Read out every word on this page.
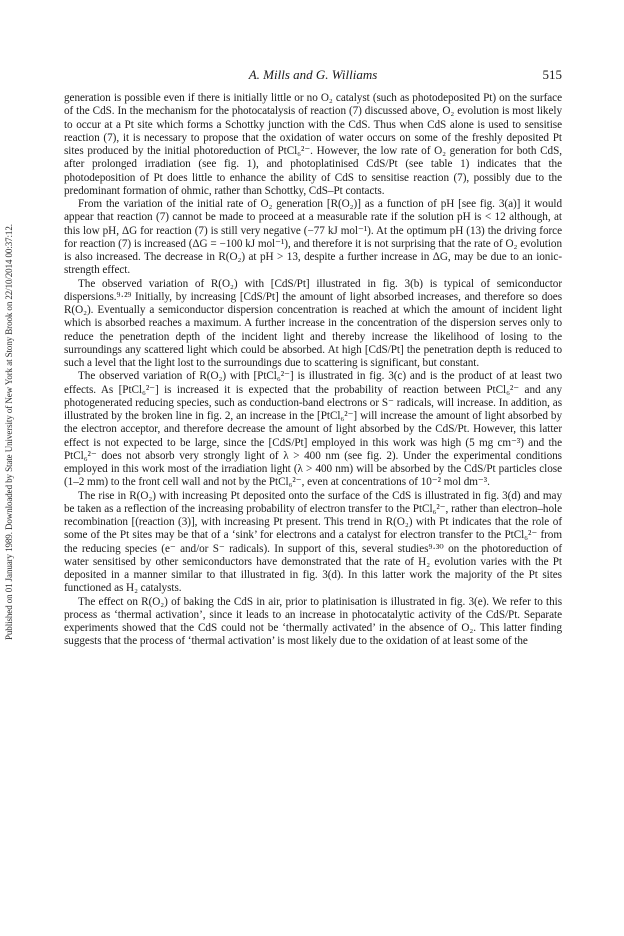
Published on 01 January 1989. Downloaded by State University of New York at Stony Brook on 22/10/2014 00:37:12.
A. Mills and G. Williams	515

generation is possible even if there is initially little or no O₂ catalyst (such as photodeposited Pt) on the surface of the CdS. In the mechanism for the photocatalysis of reaction (7) discussed above, O₂ evolution is most likely to occur at a Pt site which forms a Schottky junction with the CdS. Thus when CdS alone is used to sensitise reaction (7), it is necessary to propose that the oxidation of water occurs on some of the freshly deposited Pt sites produced by the initial photoreduction of PtCl₆²⁻. However, the low rate of O₂ generation for both CdS, after prolonged irradiation (see fig. 1), and photoplatinised CdS/Pt (see table 1) indicates that the photodeposition of Pt does little to enhance the ability of CdS to sensitise reaction (7), possibly due to the predominant formation of ohmic, rather than Schottky, CdS–Pt contacts.

From the variation of the initial rate of O₂ generation [R(O₂)] as a function of pH [see fig. 3(a)] it would appear that reaction (7) cannot be made to proceed at a measurable rate if the solution pH is < 12 although, at this low pH, ΔG for reaction (7) is still very negative (−77 kJ mol⁻¹). At the optimum pH (13) the driving force for reaction (7) is increased (ΔG = −100 kJ mol⁻¹), and therefore it is not surprising that the rate of O₂ evolution is also increased. The decrease in R(O₂) at pH > 13, despite a further increase in ΔG, may be due to an ionic-strength effect.

The observed variation of R(O₂) with [CdS/Pt] illustrated in fig. 3(b) is typical of semiconductor dispersions.⁹·²⁹ Initially, by increasing [CdS/Pt] the amount of light absorbed increases, and therefore so does R(O₂). Eventually a semiconductor dispersion concentration is reached at which the amount of incident light which is absorbed reaches a maximum. A further increase in the concentration of the dispersion serves only to reduce the penetration depth of the incident light and thereby increase the likelihood of losing to the surroundings any scattered light which could be absorbed. At high [CdS/Pt] the penetration depth is reduced to such a level that the light lost to the surroundings due to scattering is significant, but constant.

The observed variation of R(O₂) with [PtCl₆²⁻] is illustrated in fig. 3(c) and is the product of at least two effects. As [PtCl₆²⁻] is increased it is expected that the probability of reaction between PtCl₆²⁻ and any photogenerated reducing species, such as conduction-band electrons or S⁻ radicals, will increase. In addition, as illustrated by the broken line in fig. 2, an increase in the [PtCl₆²⁻] will increase the amount of light absorbed by the electron acceptor, and therefore decrease the amount of light absorbed by the CdS/Pt. However, this latter effect is not expected to be large, since the [CdS/Pt] employed in this work was high (5 mg cm⁻³) and the PtCl₆²⁻ does not absorb very strongly light of λ > 400 nm (see fig. 2). Under the experimental conditions employed in this work most of the irradiation light (λ > 400 nm) will be absorbed by the CdS/Pt particles close (1–2 mm) to the front cell wall and not by the PtCl₆²⁻, even at concentrations of 10⁻² mol dm⁻³.

The rise in R(O₂) with increasing Pt deposited onto the surface of the CdS is illustrated in fig. 3(d) and may be taken as a reflection of the increasing probability of electron transfer to the PtCl₆²⁻, rather than electron–hole recombination [(reaction (3)], with increasing Pt present. This trend in R(O₂) with Pt indicates that the role of some of the Pt sites may be that of a ‘sink’ for electrons and a catalyst for electron transfer to the PtCl₆²⁻ from the reducing species (e⁻ and/or S⁻ radicals). In support of this, several studies⁹·³⁰ on the photoreduction of water sensitised by other semiconductors have demonstrated that the rate of H₂ evolution varies with the Pt deposited in a manner similar to that illustrated in fig. 3(d). In this latter work the majority of the Pt sites functioned as H₂ catalysts.

The effect on R(O₂) of baking the CdS in air, prior to platinisation is illustrated in fig. 3(e). We refer to this process as ‘thermal activation’, since it leads to an increase in photocatalytic activity of the CdS/Pt. Separate experiments showed that the CdS could not be ‘thermally activated’ in the absence of O₂. This latter finding suggests that the process of ‘thermal activation’ is most likely due to the oxidation of at least some of the
